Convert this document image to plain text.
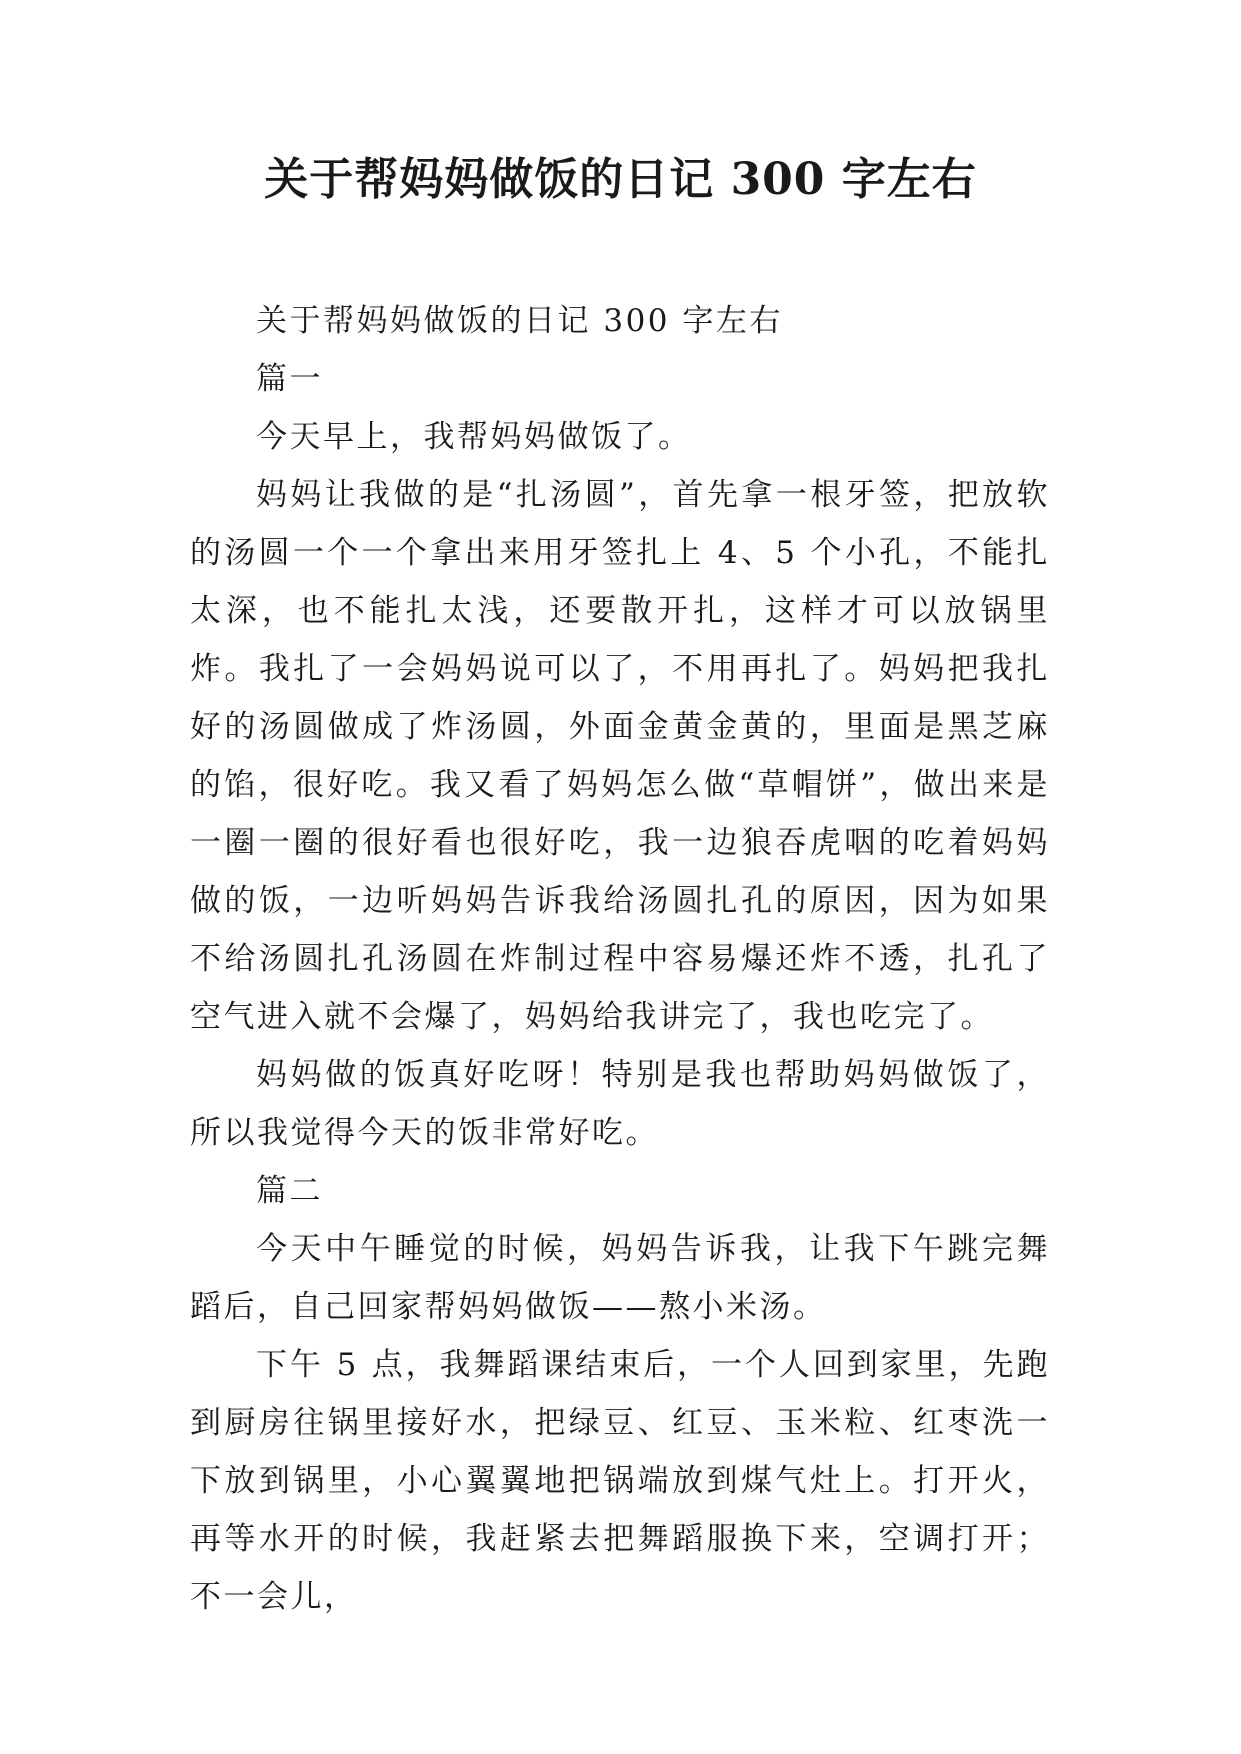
关于帮妈妈做饭的日记 300 字左右

关于帮妈妈做饭的日记 300 字左右

篇一

今天早上，我帮妈妈做饭了。

妈妈让我做的是“扎汤圆”，首先拿一根牙签，把放软的汤圆一个一个拿出来用牙签扎上 4、5 个小孔，不能扎太深，也不能扎太浅，还要散开扎，这样才可以放锅里炸。我扎了一会妈妈说可以了，不用再扎了。妈妈把我扎好的汤圆做成了炸汤圆，外面金黄金黄的，里面是黑芝麻的馅，很好吃。我又看了妈妈怎么做“草帽饼”，做出来是一圈一圈的很好看也很好吃，我一边狼吞虎咽的吃着妈妈做的饭，一边听妈妈告诉我给汤圆扎孔的原因，因为如果不给汤圆扎孔汤圆在炸制过程中容易爆还炸不透，扎孔了空气进入就不会爆了，妈妈给我讲完了，我也吃完了。

妈妈做的饭真好吃呀！特别是我也帮助妈妈做饭了，所以我觉得今天的饭非常好吃。

篇二

今天中午睡觉的时候，妈妈告诉我，让我下午跳完舞蹈后，自己回家帮妈妈做饭——熬小米汤。

下午 5 点，我舞蹈课结束后，一个人回到家里，先跑到厨房往锅里接好水，把绿豆、红豆、玉米粒、红枣洗一下放到锅里，小心翼翼地把锅端放到煤气灶上。打开火，再等水开的时候，我赶紧去把舞蹈服换下来，空调打开；不一会儿，
